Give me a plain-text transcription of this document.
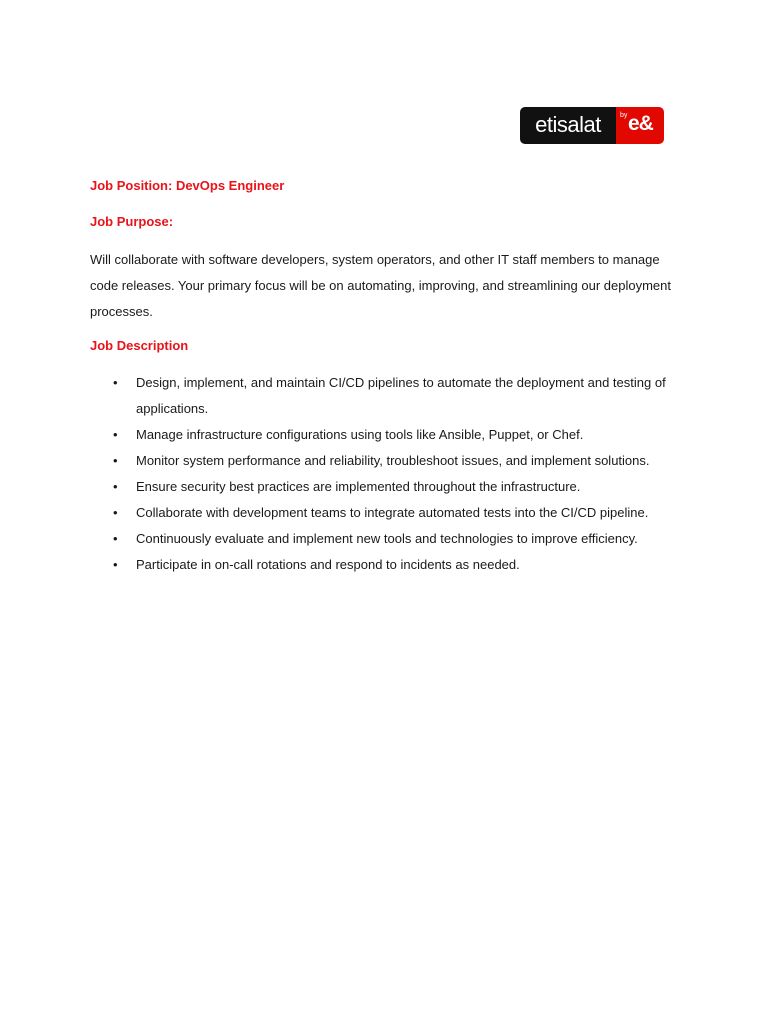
etisalat	by e&
Job Position: DevOps Engineer
Job Purpose:

Will collaborate with software developers, system operators, and other IT staff members to manage code releases. Your primary focus will be on automating, improving, and streamlining our deployment processes.

Job Description
• Design, implement, and maintain CI/CD pipelines to automate the deployment and testing of applications.
• Manage infrastructure configurations using tools like Ansible, Puppet, or Chef.
• Monitor system performance and reliability, troubleshoot issues, and implement solutions.
• Ensure security best practices are implemented throughout the infrastructure.
• Collaborate with development teams to integrate automated tests into the CI/CD pipeline.
• Continuously evaluate and implement new tools and technologies to improve efficiency.
• Participate in on-call rotations and respond to incidents as needed.
